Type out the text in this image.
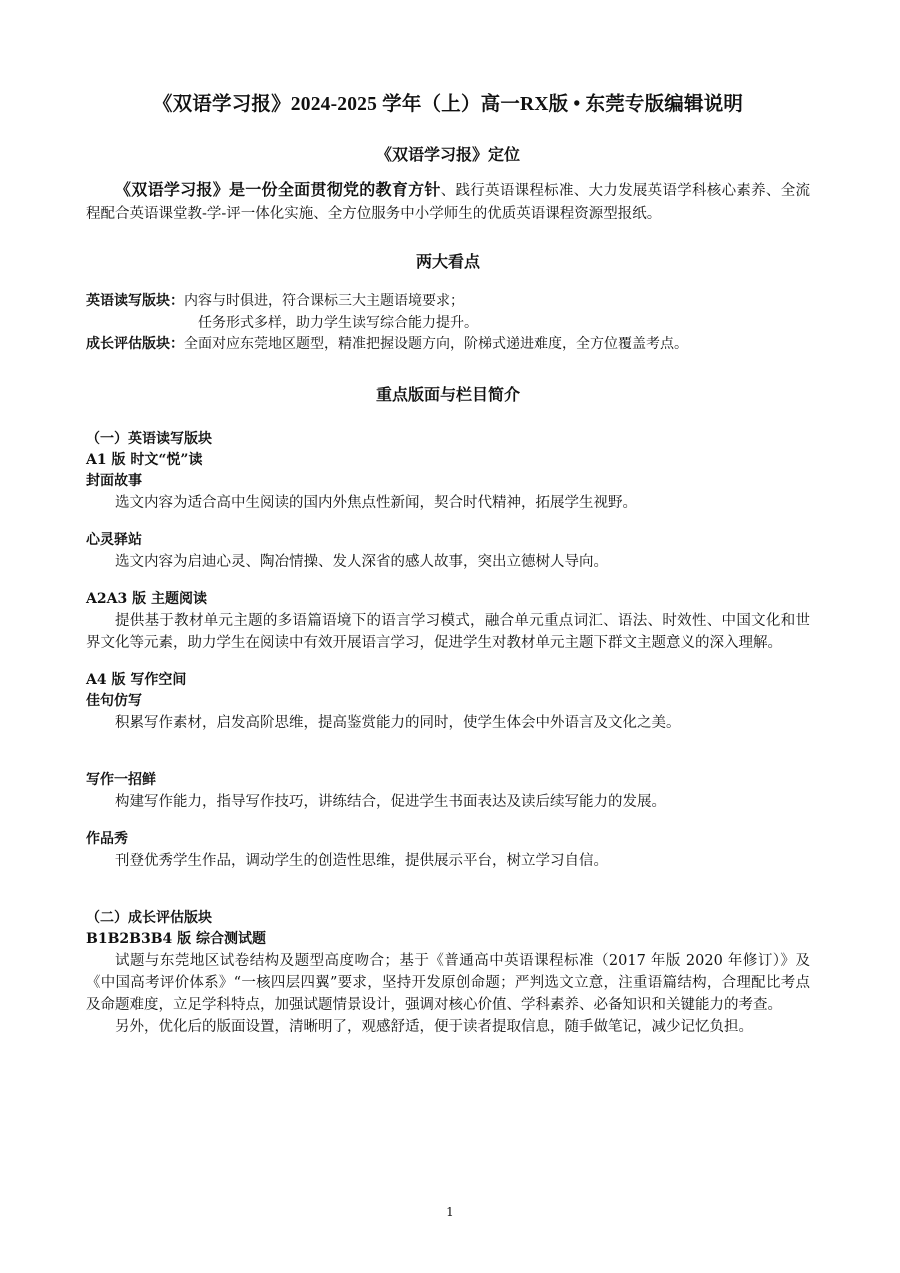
《双语学习报》2024-2025 学年（上）高一RX版 • 东莞专版编辑说明
《双语学习报》定位

《双语学习报》是一份全面贯彻党的教育方针、践行英语课程标准、大力发展英语学科核心素养、全流程配合英语课堂教-学-评一体化实施、全方位服务中小学师生的优质英语课程资源型报纸。

两大看点
英语读写版块： 内容与时俱进，符合课标三大主题语境要求；
任务形式多样，助力学生读写综合能力提升。
成长评估版块： 全面对应东莞地区题型，精准把握设题方向，阶梯式递进难度，全方位覆盖考点。
重点版面与栏目简介
（一）英语读写版块
A1 版 时文“悦”读
封面故事

选文内容为适合高中生阅读的国内外焦点性新闻，契合时代精神，拓展学生视野。

心灵驿站

选文内容为启迪心灵、陶冶情操、发人深省的感人故事，突出立德树人导向。

A2A3 版 主题阅读

提供基于教材单元主题的多语篇语境下的语言学习模式，融合单元重点词汇、语法、时效性、中国文化和世界文化等元素，助力学生在阅读中有效开展语言学习，促进学生对教材单元主题下群文主题意义的深入理解。

A4 版 写作空间
佳句仿写

积累写作素材，启发高阶思维，提高鉴赏能力的同时，使学生体会中外语言及文化之美。

写作一招鲜

构建写作能力，指导写作技巧，讲练结合，促进学生书面表达及读后续写能力的发展。

作品秀

刊登优秀学生作品，调动学生的创造性思维，提供展示平台，树立学习自信。

（二）成长评估版块
B1B2B3B4 版 综合测试题

试题与东莞地区试卷结构及题型高度吻合；基于《普通高中英语课程标准（2017 年版 2020 年修订）》及《中国高考评价体系》“一核四层四翼”要求，坚持开发原创命题；严判选文立意，注重语篇结构，合理配比考点及命题难度，立足学科特点，加强试题情景设计，强调对核心价值、学科素养、必备知识和关键能力的考查。

另外，优化后的版面设置，清晰明了，观感舒适，便于读者提取信息，随手做笔记，减少记忆负担。

1
